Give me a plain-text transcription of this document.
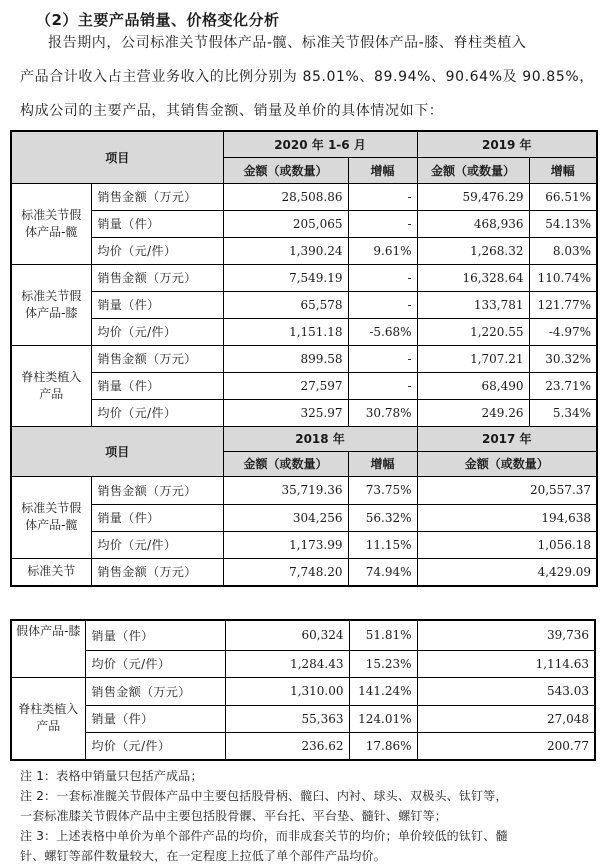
（2）主要产品销量、价格变化分析
报告期内，公司标准关节假体产品-髋、标准关节假体产品-膝、脊柱类植入
产品合计收入占主营业务收入的比例分别为 85.01%、89.94%、90.64%及 90.85%，
构成公司的主要产品，其销售金额、销量及单价的具体情况如下：
项目		2020 年 1-6 月		2019 年	
		金额（或数量）	增幅	金额（或数量）	增幅
标准关节假体产品-髋	销售金额（万元）	28,508.86	-	59,476.29	66.51%
	销量（件）	205,065	-	468,936	54.13%
	均价（元/件）	1,390.24	9.61%	1,268.32	8.03%
标准关节假体产品-膝	销售金额（万元）	7,549.19	-	16,328.64	110.74%
	销量（件）	65,578	-	133,781	121.77%
	均价（元/件）	1,151.18	-5.68%	1,220.55	-4.97%
脊柱类植入产品	销售金额（万元）	899.58	-	1,707.21	30.32%
	销量（件）	27,597	-	68,490	23.71%
	均价（元/件）	325.97	30.78%	249.26	5.34%
项目		2018 年		2017 年	
		金额（或数量）	增幅	金额（或数量）	
标准关节假体产品-髋	销售金额（万元）	35,719.36	73.75%	20,557.37	
	销量（件）	304,256	56.32%	194,638	
	均价（元/件）	1,173.99	11.15%	1,056.18	
标准关节	销售金额（万元）	7,748.20	74.94%	4,429.09	
假体产品-膝	销量（件）	60,324	51.81%	39,736
	均价（元/件）	1,284.43	15.23%	1,114.63
脊柱类植入产品	销售金额（万元）	1,310.00	141.24%	543.03
	销量（件）	55,363	124.01%	27,048
	均价（元/件）	236.62	17.86%	200.77
注 1：表格中销量只包括产成品；
注 2：一套标准髋关节假体产品中主要包括股骨柄、髋臼、内衬、球头、双极头、钛钉等，
一套标准膝关节假体产品中主要包括股骨髁、平台托、平台垫、髓针、螺钉等；
注 3：上述表格中单价为单个部件产品的均价，而非成套关节的均价；单价较低的钛钉、髓
针、螺钉等部件数量较大，在一定程度上拉低了单个部件产品均价。
